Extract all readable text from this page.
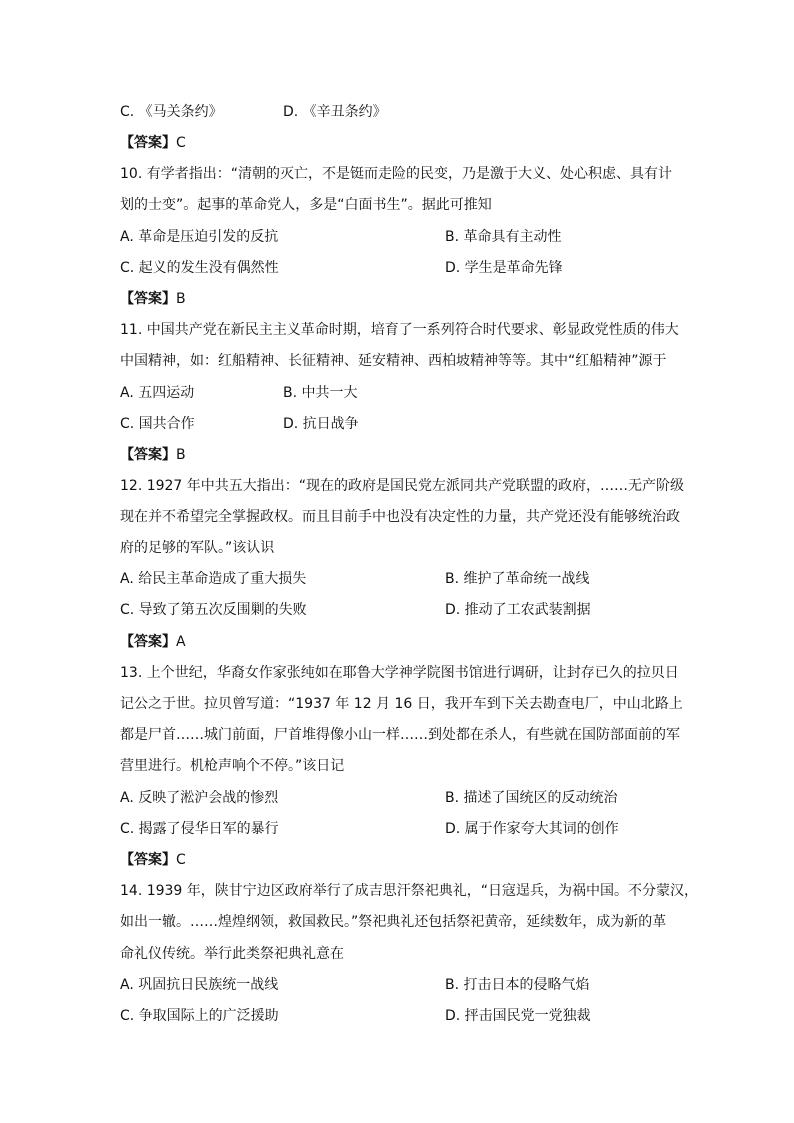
C. 《马关条约》	D. 《辛丑条约》
【答案】C
10. 有学者指出：“清朝的灭亡，不是铤而走险的民变，乃是激于大义、处心积虑、具有计
划的士变”。起事的革命党人，多是“白面书生”。据此可推知
A. 革命是压迫引发的反抗	B. 革命具有主动性
C. 起义的发生没有偶然性	D. 学生是革命先锋
【答案】B
11. 中国共产党在新民主主义革命时期，培育了一系列符合时代要求、彰显政党性质的伟大
中国精神，如：红船精神、长征精神、延安精神、西柏坡精神等等。其中“红船精神”源于
A. 五四运动	B. 中共一大
C. 国共合作	D. 抗日战争
【答案】B
12. 1927 年中共五大指出：“现在的政府是国民党左派同共产党联盟的政府，……无产阶级
现在并不希望完全掌握政权。而且目前手中也没有决定性的力量，共产党还没有能够统治政
府的足够的军队。”该认识
A. 给民主革命造成了重大损失	B. 维护了革命统一战线
C. 导致了第五次反围剿的失败	D. 推动了工农武装割据
【答案】A
13. 上个世纪，华裔女作家张纯如在耶鲁大学神学院图书馆进行调研，让封存已久的拉贝日
记公之于世。拉贝曾写道：“1937 年 12 月 16 日，我开车到下关去勘查电厂，中山北路上
都是尸首……城门前面，尸首堆得像小山一样……到处都在杀人，有些就在国防部面前的军
营里进行。机枪声响个不停。”该日记
A. 反映了淞沪会战的惨烈	B. 描述了国统区的反动统治
C. 揭露了侵华日军的暴行	D. 属于作家夸大其词的创作
【答案】C
14. 1939 年，陕甘宁边区政府举行了成吉思汗祭祀典礼，“日寇逞兵，为祸中国。不分蒙汉，
如出一辙。……煌煌纲领，救国救民。”祭祀典礼还包括祭祀黄帝，延续数年，成为新的革
命礼仪传统。举行此类祭祀典礼意在
A. 巩固抗日民族统一战线	B. 打击日本的侵略气焰
C. 争取国际上的广泛援助	D. 抨击国民党一党独裁
